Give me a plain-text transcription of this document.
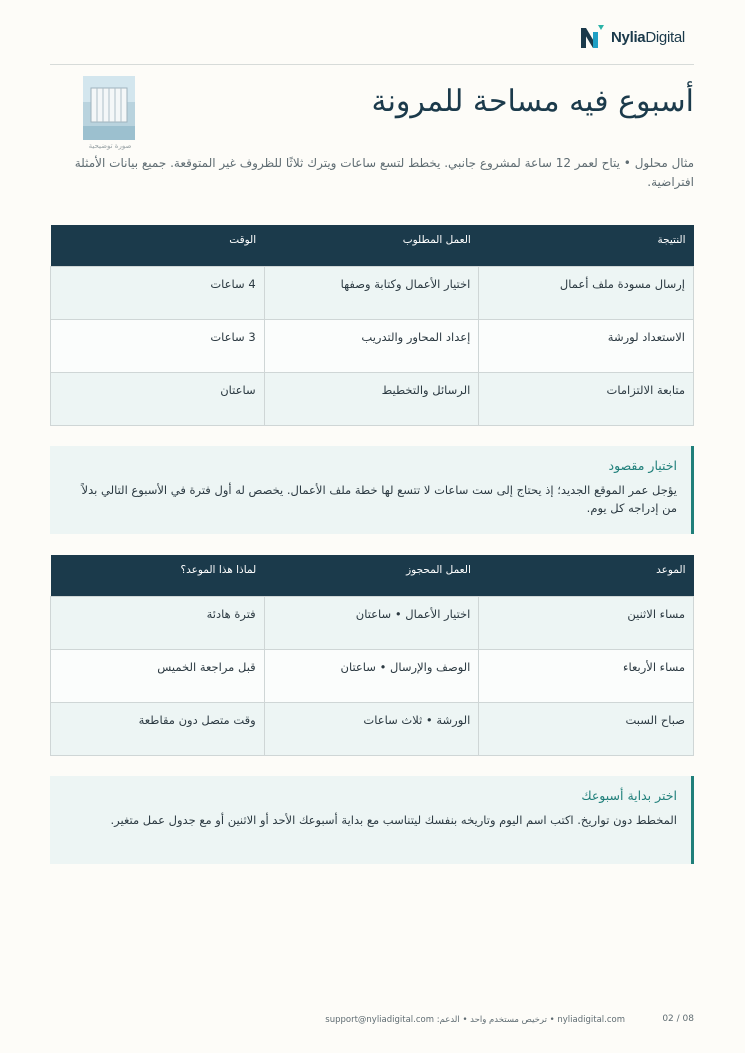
NyliaDigital
أسبوع فيه مساحة للمرونة
صورة توضيحية

مثال محلول • يتاح لعمر 12 ساعة لمشروع جانبي. يخطط لتسع ساعات ويترك ثلاثًا للظروف غير المتوقعة. جميع بيانات الأمثلة افتراضية.

النتيجة	العمل المطلوب	الوقت
إرسال مسودة ملف أعمال	اختيار الأعمال وكتابة وصفها	4 ساعات
الاستعداد لورشة	إعداد المحاور والتدريب	3 ساعات
متابعة الالتزامات	الرسائل والتخطيط	ساعتان
اختيار مقصود
يؤجل عمر الموقع الجديد؛ إذ يحتاج إلى ست ساعات لا تتسع لها خطة ملف الأعمال. يخصص له أول فترة في الأسبوع التالي بدلاً من إدراجه كل يوم.
الموعد	العمل المحجوز	لماذا هذا الموعد؟
مساء الاثنين	اختيار الأعمال • ساعتان	فترة هادئة
مساء الأربعاء	الوصف والإرسال • ساعتان	قبل مراجعة الخميس
صباح السبت	الورشة • ثلاث ساعات	وقت متصل دون مقاطعة
اختر بداية أسبوعك
المخطط دون تواريخ. اكتب اسم اليوم وتاريخه بنفسك ليتناسب مع بداية أسبوعك الأحد أو الاثنين أو مع جدول عمل متغير.
02 / 08
nyliadigital.com • ترخيص مستخدم واحد • الدعم: support@nyliadigital.com
